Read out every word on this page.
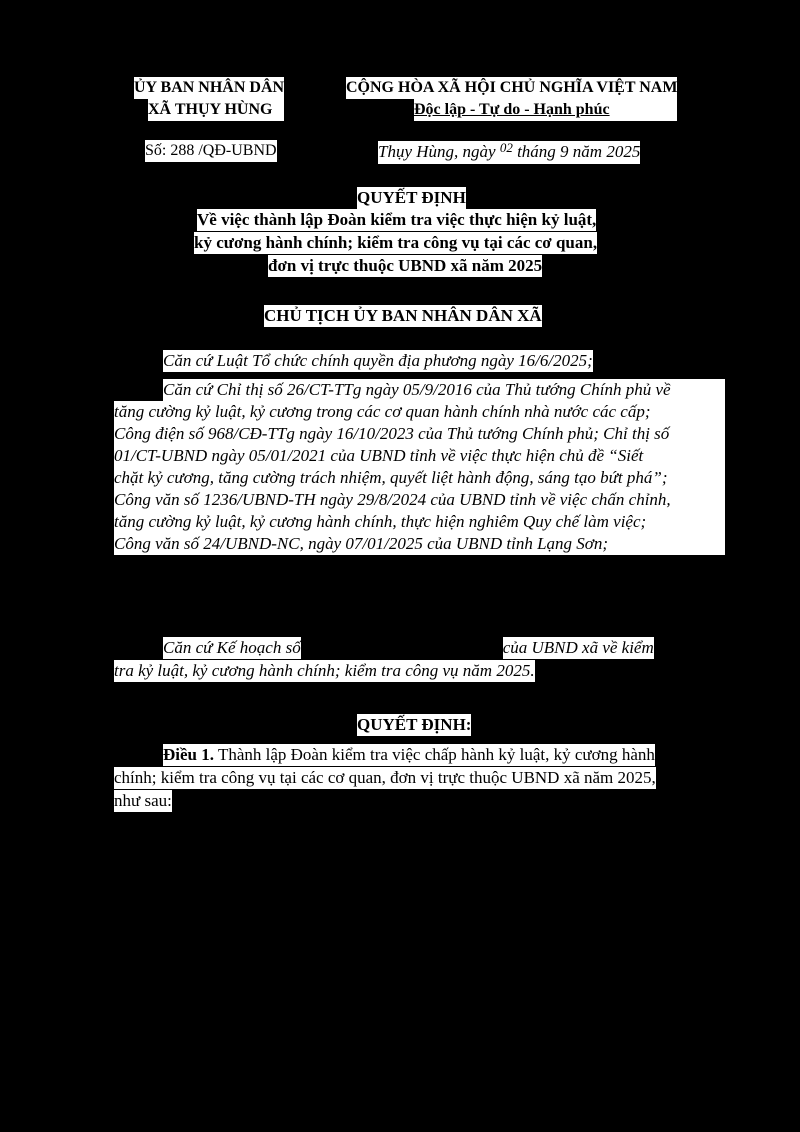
ỦY BAN NHÂN DÂN
XÃ THỤY HÙNG
CỘNG HÒA XÃ HỘI CHỦ NGHĨA VIỆT NAM
Độc lập - Tự do - Hạnh phúc
Số: 288 /QĐ-UBND	Thụy Hùng, ngày $^{02}$ tháng 9 năm 2025
QUYẾT ĐỊNH
Về việc thành lập Đoàn kiểm tra việc thực hiện kỷ luật,
kỷ cương hành chính; kiểm tra công vụ tại các cơ quan,
đơn vị trực thuộc UBND xã năm 2025
CHỦ TỊCH ỦY BAN NHÂN DÂN XÃ
Căn cứ Luật Tổ chức chính quyền địa phương ngày 16/6/2025;
Căn cứ Chỉ thị số 26/CT-TTg ngày 05/9/2016 của Thủ tướng Chính phủ về
tăng cường kỷ luật, kỷ cương trong các cơ quan hành chính nhà nước các cấp;
Công điện số 968/CĐ-TTg ngày 16/10/2023 của Thủ tướng Chính phủ; Chỉ thị số
01/CT-UBND ngày 05/01/2021 của UBND tỉnh về việc thực hiện chủ đề “Siết
chặt kỷ cương, tăng cường trách nhiệm, quyết liệt hành động, sáng tạo bứt phá”;
Công văn số 1236/UBND-TH ngày 29/8/2024 của UBND tỉnh về việc chấn chỉnh,
tăng cường kỷ luật, kỷ cương hành chính, thực hiện nghiêm Quy chế làm việc;
Công văn số 24/UBND-NC, ngày 07/01/2025 của UBND tỉnh Lạng Sơn;
Căn cứ Kế hoạch số	của UBND xã về kiểm
tra kỷ luật, kỷ cương hành chính; kiểm tra công vụ năm 2025.
QUYẾT ĐỊNH:
Điều 1. Thành lập Đoàn kiểm tra việc chấp hành kỷ luật, kỷ cương hành
chính; kiểm tra công vụ tại các cơ quan, đơn vị trực thuộc UBND xã năm 2025,
như sau:
